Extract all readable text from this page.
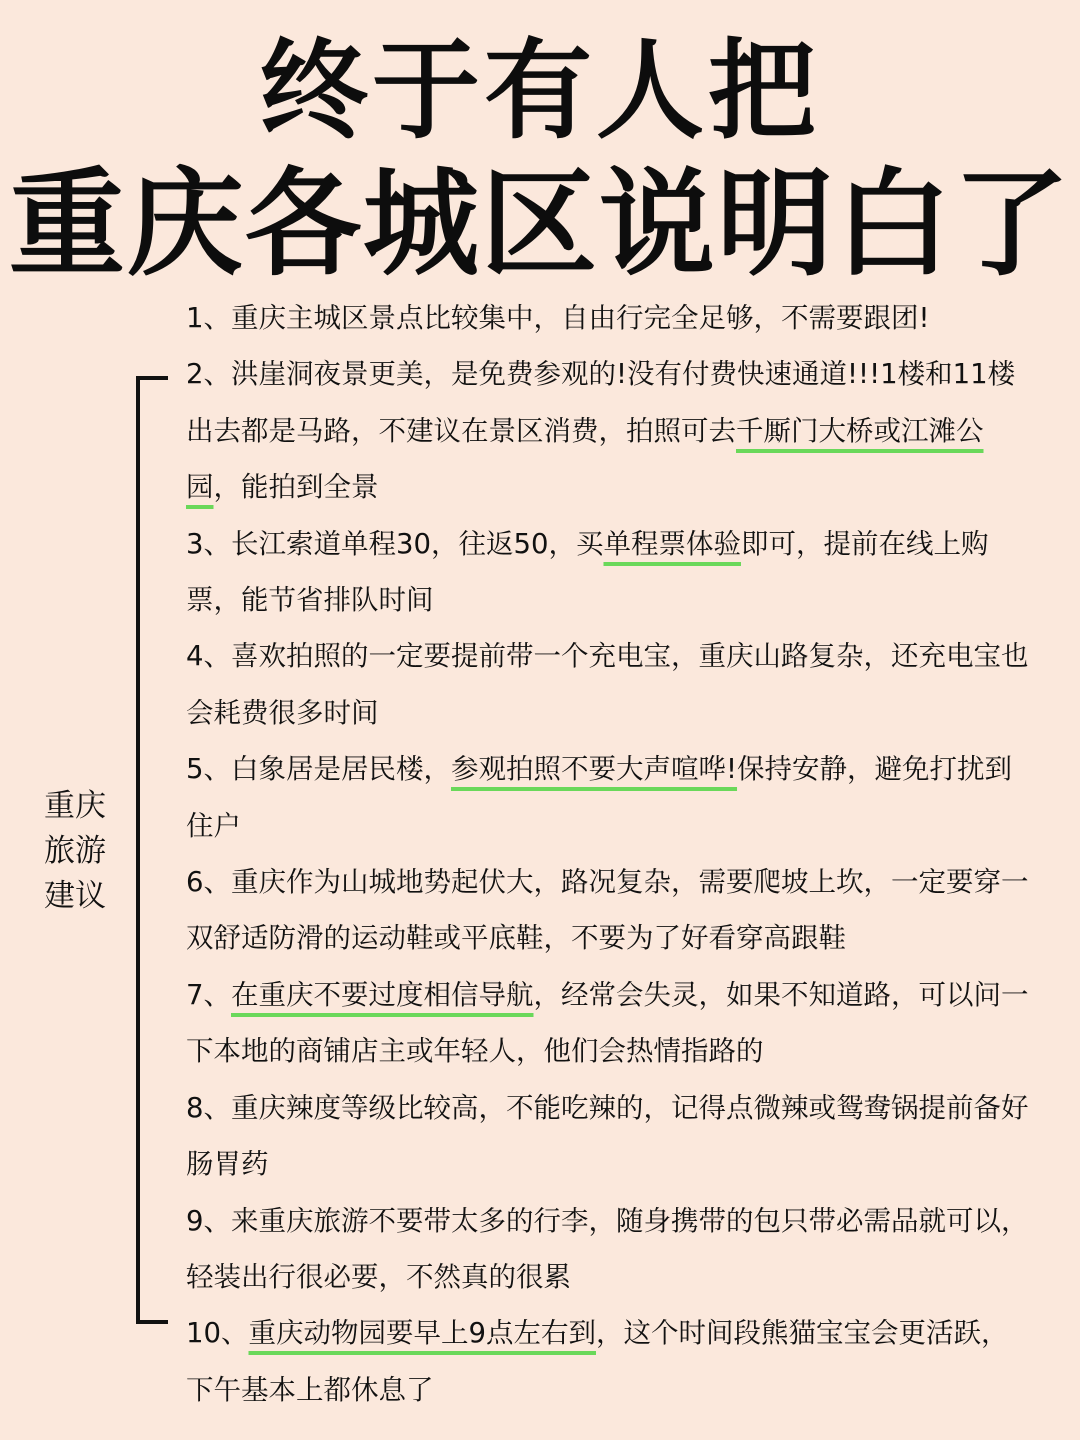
终于有人把
重庆各城区说明白了
重庆
旅游
建议
1、重庆主城区景点比较集中，自由行完全足够，不需要跟团!
2、洪崖洞夜景更美，是免费参观的!没有付费快速通道!!!1楼和11楼出去都是马路，不建议在景区消费，拍照可去千厮门大桥或江滩公园，能拍到全景
3、长江索道单程30，往返50，买单程票体验即可，提前在线上购票，能节省排队时间
4、喜欢拍照的一定要提前带一个充电宝，重庆山路复杂，还充电宝也会耗费很多时间
5、白象居是居民楼，参观拍照不要大声喧哗!保持安静，避免打扰到住户
6、重庆作为山城地势起伏大，路况复杂，需要爬坡上坎，一定要穿一双舒适防滑的运动鞋或平底鞋，不要为了好看穿高跟鞋
7、在重庆不要过度相信导航，经常会失灵，如果不知道路，可以问一下本地的商铺店主或年轻人，他们会热情指路的
8、重庆辣度等级比较高，不能吃辣的，记得点微辣或鸳鸯锅提前备好肠胃药
9、来重庆旅游不要带太多的行李，随身携带的包只带必需品就可以，轻装出行很必要，不然真的很累
10、重庆动物园要早上9点左右到，这个时间段熊猫宝宝会更活跃，下午基本上都休息了
